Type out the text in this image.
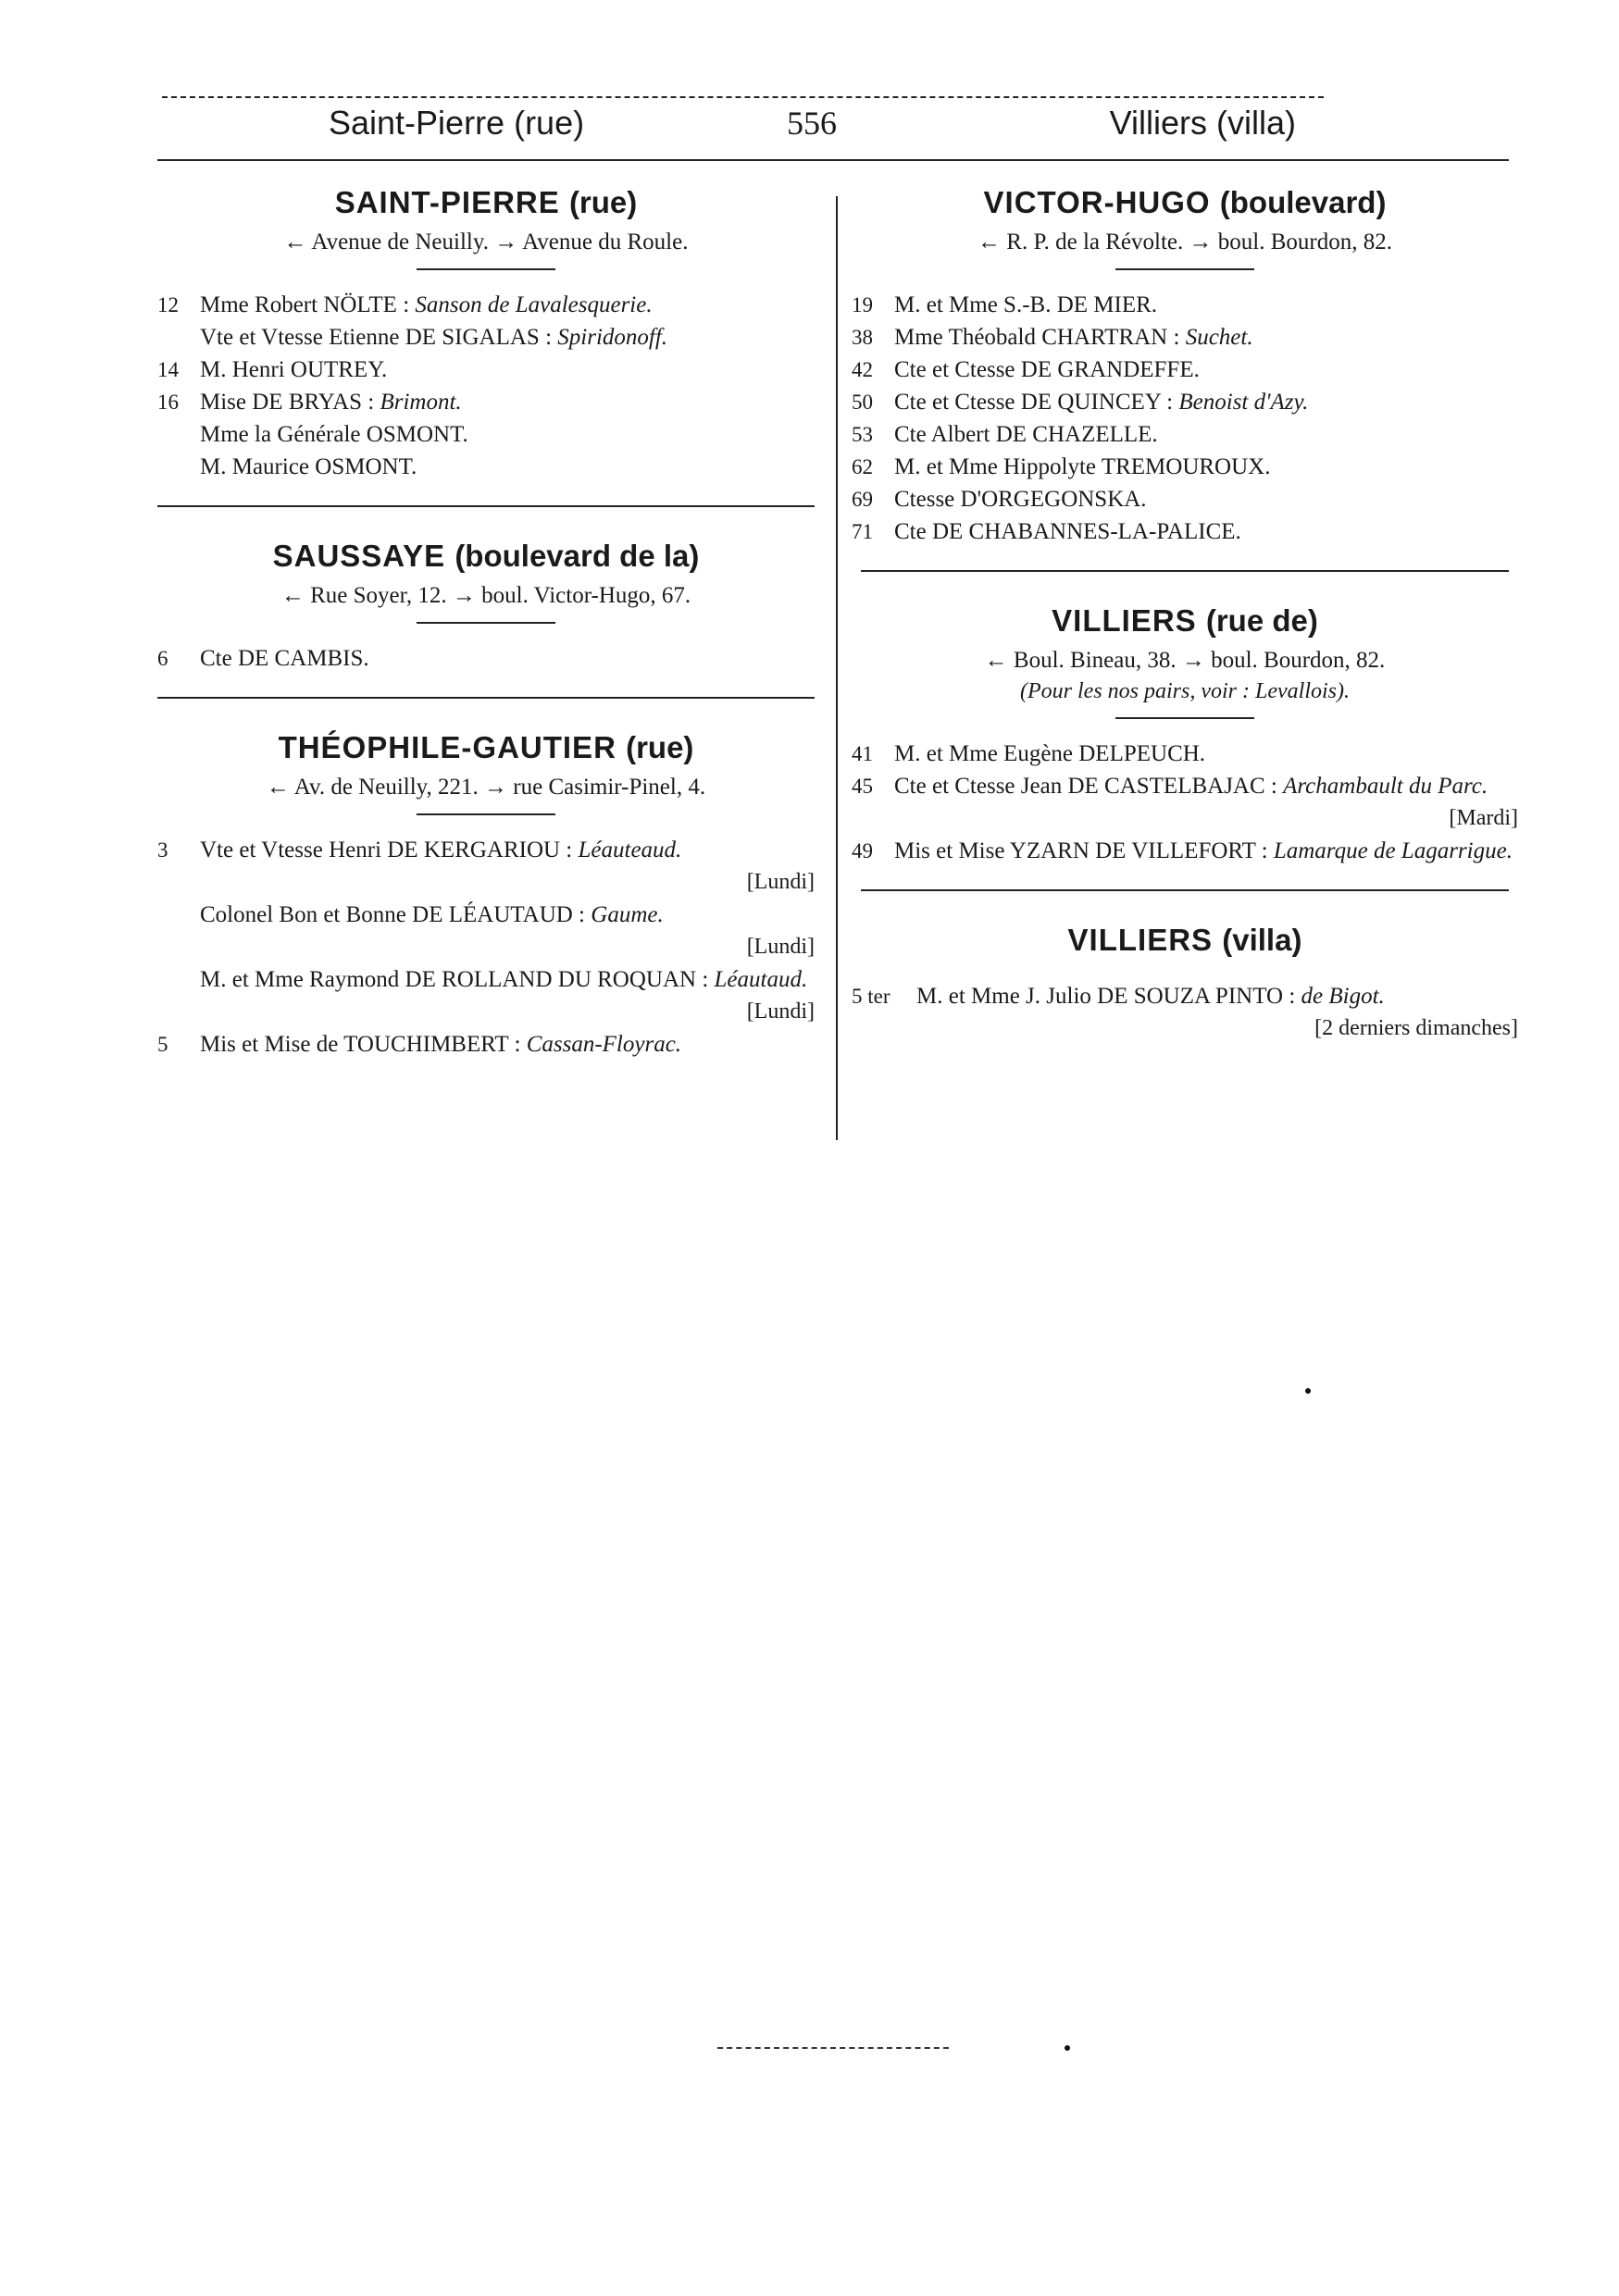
Saint-Pierre (rue)	556	Villiers (villa)
SAINT-PIERRE (rue)
← Avenue de Neuilly. → Avenue du Roule.
12 Mme Robert NÖLTE : Sanson de Lavalesquerie.
Vte et Vtesse Etienne DE SIGALAS : Spiridonoff.
14 M. Henri OUTREY.
16 Mise DE BRYAS : Brimont.
Mme la Générale OSMONT.
M. Maurice OSMONT.
SAUSSAYE (boulevard de la)
← Rue Soyer, 12. → boul. Victor-Hugo, 67.
6	Cte DE CAMBIS.
THÉOPHILE-GAUTIER (rue)
← Av. de Neuilly, 221. → rue Casimir-Pinel, 4.
3	Vte et Vtesse Henri DE KERGARIOU : Léauteaud.
[Lundi]
Colonel Bon et Bonne DE LÉAUTAUD : Gaume.
[Lundi]
M. et Mme Raymond DE ROLLAND DU ROQUAN : Léautaud.
[Lundi]
5	Mis et Mise de TOUCHIMBERT : Cassan-Floyrac.
VICTOR-HUGO (boulevard)
← R. P. de la Révolte. → boul. Bourdon, 82.
19 M. et Mme S.-B. DE MIER.
38 Mme Théobald CHARTRAN : Suchet.
42 Cte et Ctesse DE GRANDEFFE.
50 Cte et Ctesse DE QUINCEY : Benoist d'Azy.
53 Cte Albert DE CHAZELLE.
62 M. et Mme Hippolyte TREMOUROUX.
69 Ctesse D'ORGEGONSKA.
71 Cte DE CHABANNES-LA-PALICE.
VILLIERS (rue de)
← Boul. Bineau, 38. → boul. Bourdon, 82.
(Pour les nos pairs, voir : Levallois).
41 M. et Mme Eugène DELPEUCH.
45 Cte et Ctesse Jean DE CASTELBAJAC : Archambault du Parc.
[Mardi]
49 Mis et Mise YZARN DE VILLEFORT : Lamarque de Lagarrigue.
VILLIERS (villa)
5 ter	M. et Mme J. Julio DE SOUZA PINTO : de Bigot.
[2 derniers dimanches]
